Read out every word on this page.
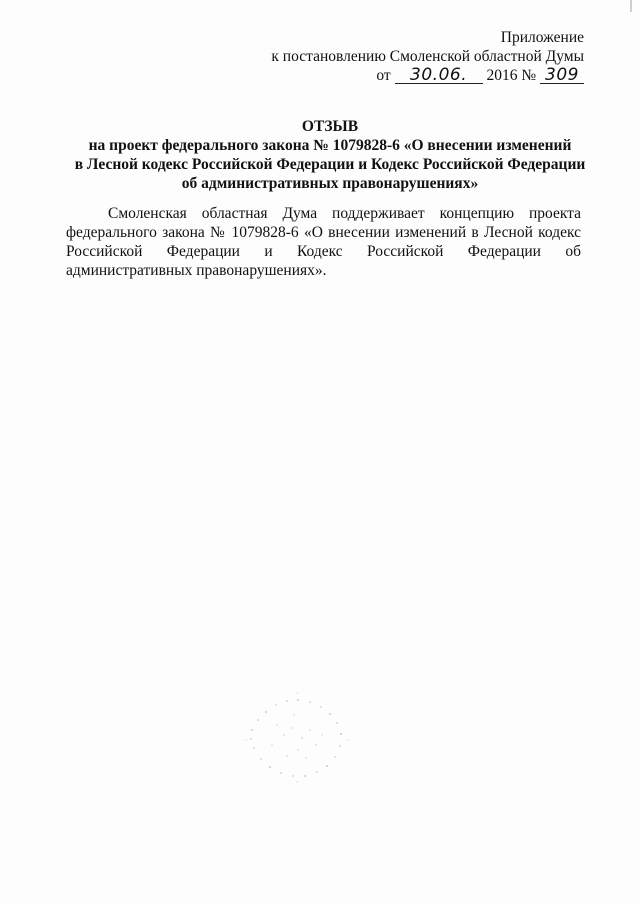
Приложение
к постановлению Смоленской областной Думы
от 30.06. 2016 № 309
ОТЗЫВ
на проект федерального закона № 1079828-6 «О внесении изменений
в Лесной кодекс Российской Федерации и Кодекс Российской Федерации
об административных правонарушениях»
Смоленская областная Дума поддерживает концепцию проекта федерального закона № 1079828-6 «О внесении изменений в Лесной кодекс Российской Федерации и Кодекс Российской Федерации об административных правонарушениях».
